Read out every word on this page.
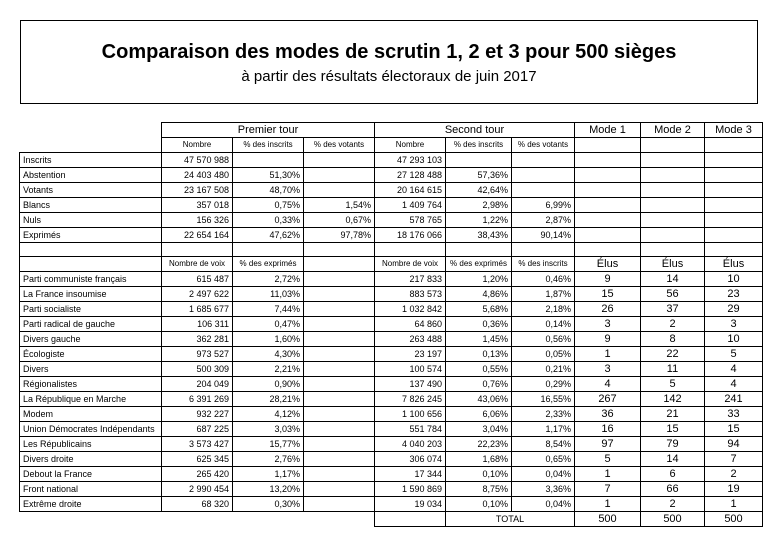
Comparaison des modes de scrutin 1, 2 et 3 pour 500 sièges
à partir des résultats électoraux de juin 2017
	Premier tour			Second tour			Mode 1	Mode 2	Mode 3
	Nombre	% des inscrits	% des votants	Nombre	% des inscrits	% des votants			
Inscrits	47 570 988			47 293 103					
Abstention	24 403 480	51,30%		27 128 488	57,36%				
Votants	23 167 508	48,70%		20 164 615	42,64%				
Blancs	357 018	0,75%	1,54%	1 409 764	2,98%	6,99%			
Nuls	156 326	0,33%	0,67%	578 765	1,22%	2,87%			
Exprimés	22 654 164	47,62%	97,78%	18 176 066	38,43%	90,14%			

	Nombre de voix	% des exprimés		Nombre de voix	% des exprimés	% des inscrits	Élus	Élus	Élus
Parti communiste français	615 487	2,72%		217 833	1,20%	0,46%	9	14	10
La France insoumise	2 497 622	11,03%		883 573	4,86%	1,87%	15	56	23
Parti socialiste	1 685 677	7,44%		1 032 842	5,68%	2,18%	26	37	29
Parti radical de gauche	106 311	0,47%		64 860	0,36%	0,14%	3	2	3
Divers gauche	362 281	1,60%		263 488	1,45%	0,56%	9	8	10
Écologiste	973 527	4,30%		23 197	0,13%	0,05%	1	22	5
Divers	500 309	2,21%		100 574	0,55%	0,21%	3	11	4
Régionalistes	204 049	0,90%		137 490	0,76%	0,29%	4	5	4
La République en Marche	6 391 269	28,21%		7 826 245	43,06%	16,55%	267	142	241
Modem	932 227	4,12%		1 100 656	6,06%	2,33%	36	21	33
Union Démocrates Indépendants	687 225	3,03%		551 784	3,04%	1,17%	16	15	15
Les Républicains	3 573 427	15,77%		4 040 203	22,23%	8,54%	97	79	94
Divers droite	625 345	2,76%		306 074	1,68%	0,65%	5	14	7
Debout la France	265 420	1,17%		17 344	0,10%	0,04%	1	6	2
Front national	2 990 454	13,20%		1 590 869	8,75%	3,36%	7	66	19
Extrême droite	68 320	0,30%		19 034	0,10%	0,04%	1	2	1
					TOTAL		500	500	500
